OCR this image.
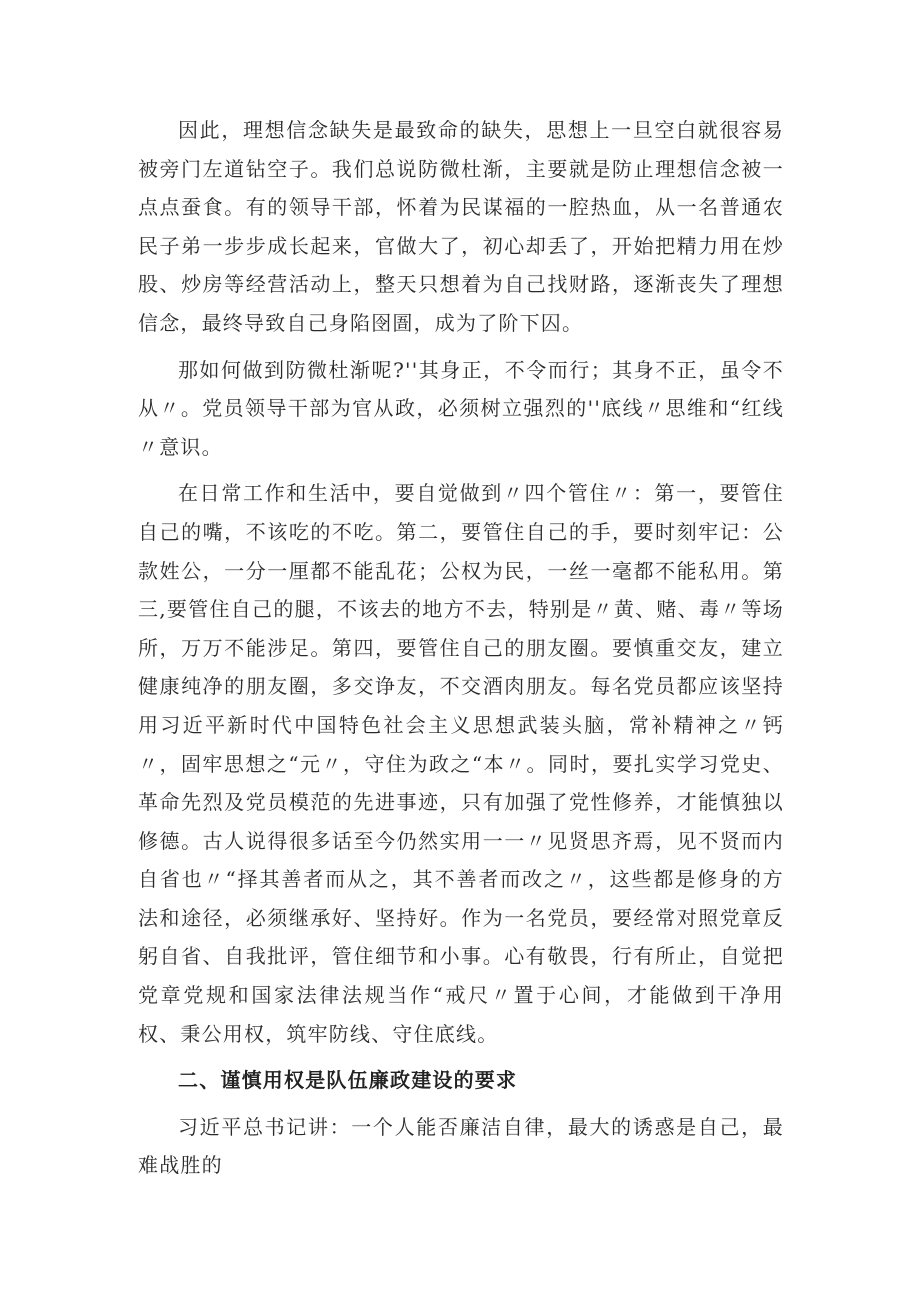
因此，理想信念缺失是最致命的缺失，思想上一旦空白就很容易被旁门左道钻空子。我们总说防微杜渐，主要就是防止理想信念被一点点蚕食。有的领导干部，怀着为民谋福的一腔热血，从一名普通农民子弟一步步成长起来，官做大了，初心却丢了，开始把精力用在炒股、炒房等经营活动上，整天只想着为自己找财路，逐渐丧失了理想信念，最终导致自己身陷囹圄，成为了阶下囚。

那如何做到防微杜渐呢?''其身正，不令而行；其身不正，虽令不从〃。党员领导干部为官从政，必须树立强烈的''底线〃思维和“红线〃意识。

在日常工作和生活中，要自觉做到〃四个管住〃：第一，要管住自己的嘴，不该吃的不吃。第二，要管住自己的手，要时刻牢记：公款姓公，一分一厘都不能乱花；公权为民，一丝一毫都不能私用。第三,要管住自己的腿，不该去的地方不去，特别是〃黄、赌、毒〃等场所，万万不能涉足。第四，要管住自己的朋友圈。要慎重交友，建立健康纯净的朋友圈，多交诤友，不交酒肉朋友。每名党员都应该坚持用习近平新时代中国特色社会主义思想武装头脑，常补精神之〃钙〃，固牢思想之“元〃，守住为政之“本〃。同时，要扎实学习党史、革命先烈及党员模范的先进事迹，只有加强了党性修养，才能慎独以修德。古人说得很多话至今仍然实用一一〃见贤思齐焉，见不贤而内自省也〃“择其善者而从之，其不善者而改之〃，这些都是修身的方法和途径，必须继承好、坚持好。作为一名党员，要经常对照党章反躬自省、自我批评，管住细节和小事。心有敬畏，行有所止，自觉把党章党规和国家法律法规当作“戒尺〃置于心间，才能做到干净用权、秉公用权，筑牢防线、守住底线。

二、谨慎用权是队伍廉政建设的要求

习近平总书记讲：一个人能否廉洁自律，最大的诱惑是自己，最难战胜的
